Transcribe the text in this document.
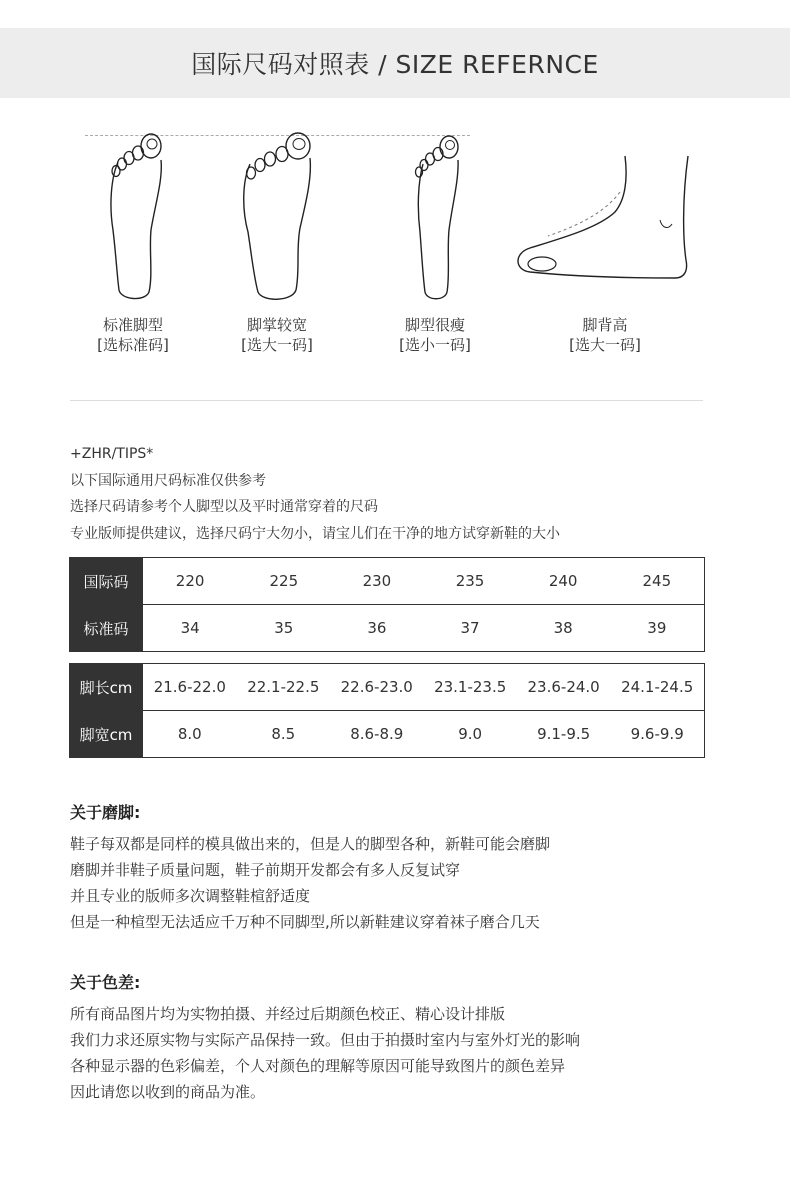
国际尺码对照表 / SIZE REFERNCE
标准脚型
[选标准码]
脚掌较宽
[选大一码]
脚型很瘦
[选小一码]
脚背高
[选大一码]
+ZHR/TIPS*
以下国际通用尺码标准仅供参考
选择尺码请参考个人脚型以及平时通常穿着的尺码
专业版师提供建议，选择尺码宁大勿小，请宝儿们在干净的地方试穿新鞋的大小
国际码	220	225	230	235	240	245
标准码	34	35	36	37	38	39
脚长cm	21.6-22.0	22.1-22.5	22.6-23.0	23.1-23.5	23.6-24.0	24.1-24.5
脚宽cm	8.0	8.5	8.6-8.9	9.0	9.1-9.5	9.6-9.9
关于磨脚:

鞋子每双都是同样的模具做出来的，但是人的脚型各种，新鞋可能会磨脚

磨脚并非鞋子质量问题，鞋子前期开发都会有多人反复试穿

并且专业的版师多次调整鞋楦舒适度

但是一种楦型无法适应千万种不同脚型,所以新鞋建议穿着袜子磨合几天

关于色差:

所有商品图片均为实物拍摄、并经过后期颜色校正、精心设计排版

我们力求还原实物与实际产品保持一致。但由于拍摄时室内与室外灯光的影响

各种显示器的色彩偏差，个人对颜色的理解等原因可能导致图片的颜色差异

因此请您以收到的商品为准。
